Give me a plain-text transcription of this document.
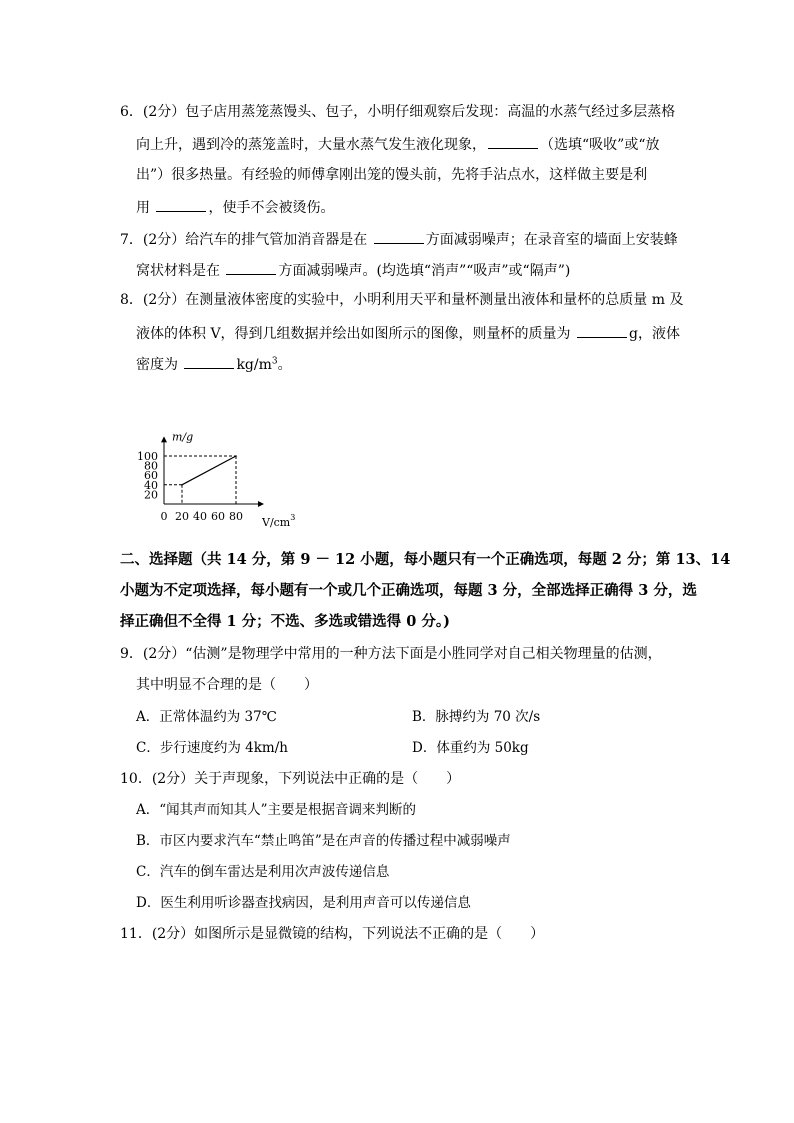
6．(2分）包子店用蒸笼蒸馒头、包子，小明仔细观察后发现：高温的水蒸气经过多层蒸格
向上升，遇到冷的蒸笼盖时，大量水蒸气发生液化现象，	（选填“吸收”或“放
出”）很多热量。有经验的师傅拿刚出笼的馒头前，先将手沾点水，这样做主要是利
用	，使手不会被烫伤。
7．(2分）给汽车的排气管加消音器是在	方面减弱噪声；在录音室的墙面上安装蜂
窝状材料是在	方面减弱噪声。(均选填“消声”“吸声”或“隔声”)
8．(2分）在测量液体密度的实验中，小明利用天平和量杯测量出液体和量杯的总质量 m 及
液体的体积 V，得到几组数据并绘出如图所示的图像，则量杯的质量为	g，液体
密度为	$kg/m^3$。
0 20 40 60 80
20
40
60
80
100
m/g
$V/cm^3$
二、选择题（共 14 分，第 9 － 12 小题，每小题只有一个正确选项，每题 2 分；第 13、14
小题为不定项选择，每小题有一个或几个正确选项，每题 3 分，全部选择正确得 3 分，选
择正确但不全得 1 分；不选、多选或错选得 0 分。)
9．(2分）“估测”是物理学中常用的一种方法下面是小胜同学对自己相关物理量的估测，
其中明显不合理的是（　　）
A．正常体温约为 37℃	B．脉搏约为 70 次/s
C．步行速度约为 4km/h	D．体重约为 50kg
10．(2分）关于声现象，下列说法中正确的是（　　）
A．“闻其声而知其人”主要是根据音调来判断的
B．市区内要求汽车“禁止鸣笛”是在声音的传播过程中减弱噪声
C．汽车的倒车雷达是利用次声波传递信息
D．医生利用听诊器查找病因，是利用声音可以传递信息
11．(2分）如图所示是显微镜的结构，下列说法不正确的是（　　）
